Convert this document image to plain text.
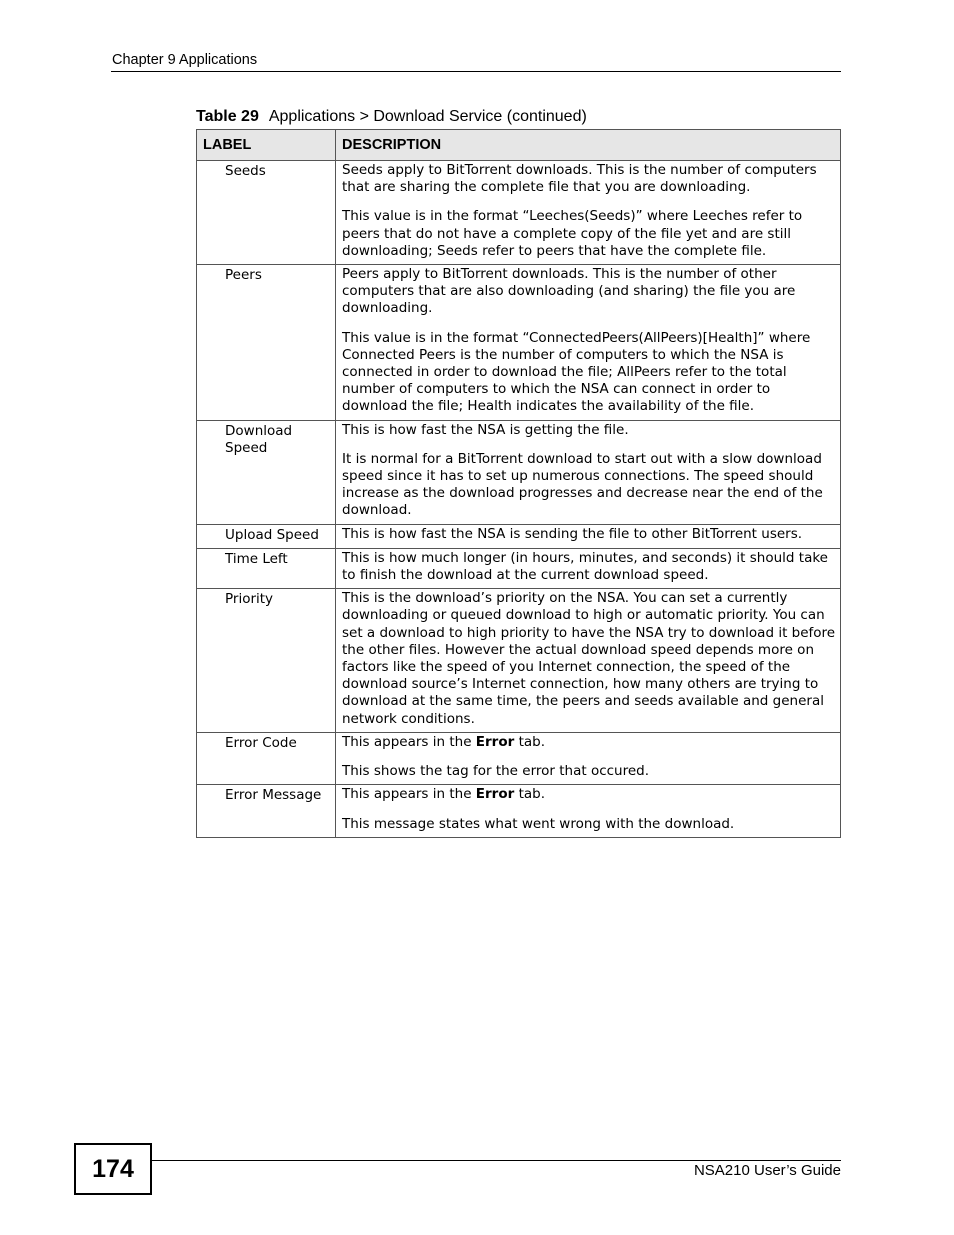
Chapter 9 Applications
Table 29 Applications > Download Service (continued)
LABEL	DESCRIPTION
Seeds	Seeds apply to BitTorrent downloads. This is the number of computers that are sharing the complete file that you are downloading.

This value is in the format “Leeches(Seeds)” where Leeches refer to peers that do not have a complete copy of the file yet and are still downloading; Seeds refer to peers that have the complete file.

Peers	Peers apply to BitTorrent downloads. This is the number of other computers that are also downloading (and sharing) the file you are downloading.

This value is in the format “ConnectedPeers(AllPeers)[Health]” where Connected Peers is the number of computers to which the NSA is connected in order to download the file; AllPeers refer to the total number of computers to which the NSA can connect in order to download the file; Health indicates the availability of the file.

Download Speed	This is how fast the NSA is getting the file.

It is normal for a BitTorrent download to start out with a slow download speed since it has to set up numerous connections. The speed should increase as the download progresses and decrease near the end of the download.

Upload Speed	This is how fast the NSA is sending the file to other BitTorrent users.

Time Left	This is how much longer (in hours, minutes, and seconds) it should take to finish the download at the current download speed.

Priority	This is the download’s priority on the NSA. You can set a currently downloading or queued download to high or automatic priority. You can set a download to high priority to have the NSA try to download it before the other files. However the actual download speed depends more on factors like the speed of you Internet connection, the speed of the download source’s Internet connection, how many others are trying to download at the same time, the peers and seeds available and general network conditions.

Error Code	This appears in the Error tab.

This shows the tag for the error that occured.

Error Message	This appears in the Error tab.

This message states what went wrong with the download.

174	NSA210 User’s Guide
